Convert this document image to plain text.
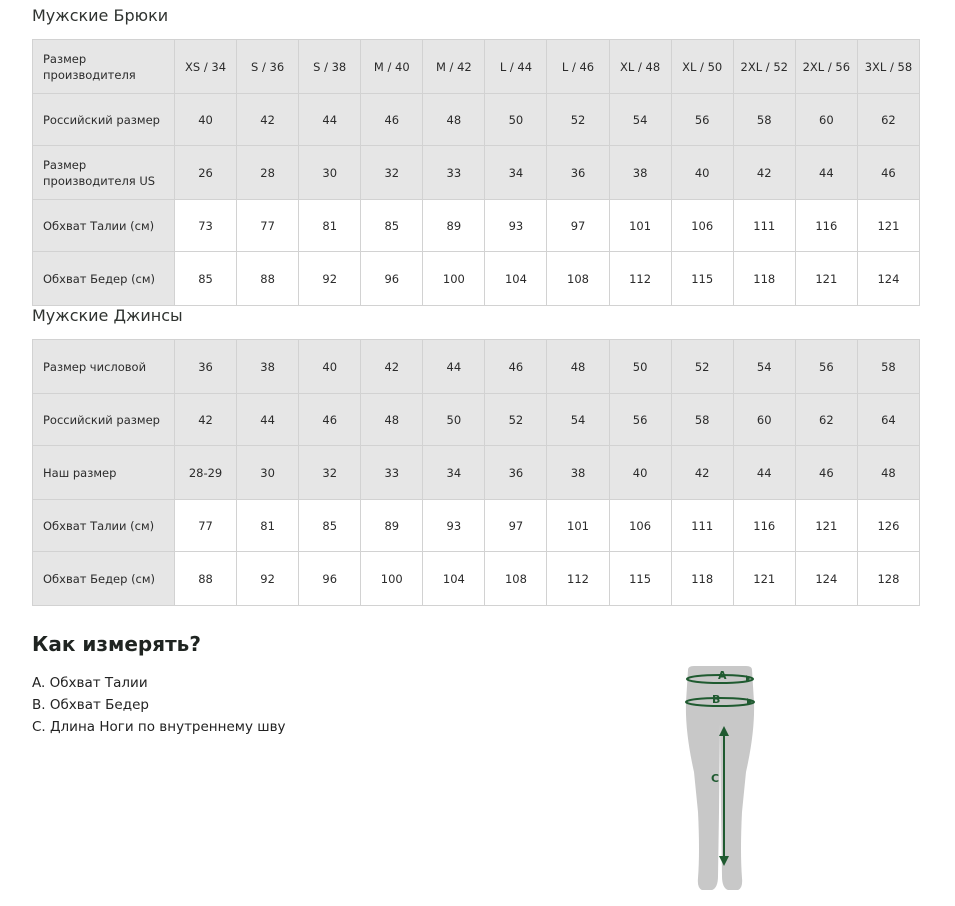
Мужские Брюки
Размер производителя	XS / 34	S / 36	S / 38	M / 40	M / 42	L / 44	L / 46	XL / 48	XL / 50	2XL / 52	2XL / 56	3XL / 58
Российский размер	40	42	44	46	48	50	52	54	56	58	60	62
Размер производителя US	26	28	30	32	33	34	36	38	40	42	44	46
Обхват Талии (см)	73	77	81	85	89	93	97	101	106	111	116	121
Обхват Бедер (см)	85	88	92	96	100	104	108	112	115	118	121	124
Мужские Джинсы
Размер числовой	36	38	40	42	44	46	48	50	52	54	56	58
Российский размер	42	44	46	48	50	52	54	56	58	60	62	64
Наш размер	28-29	30	32	33	34	36	38	40	42	44	46	48
Обхват Талии (см)	77	81	85	89	93	97	101	106	111	116	121	126
Обхват Бедер (см)	88	92	96	100	104	108	112	115	118	121	124	128
Как измерять?
A. Обхват Талии
B. Обхват Бедер
C. Длина Ноги по внутреннему шву
A
B
C
